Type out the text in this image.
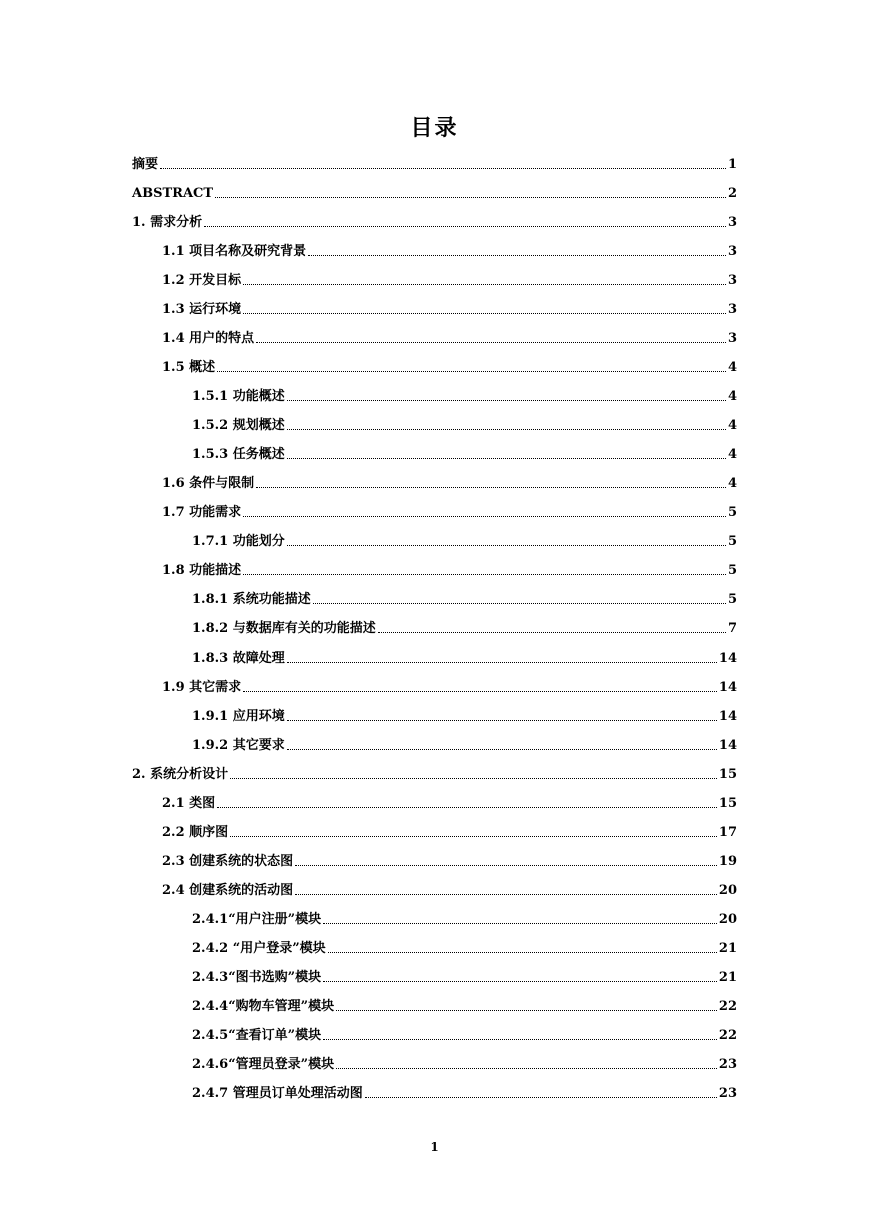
目录
摘要	1
ABSTRACT	2
1. 需求分析	3
1.1 项目名称及研究背景	3
1.2 开发目标	3
1.3 运行环境	3
1.4 用户的特点	3
1.5 概述	4
1.5.1 功能概述	4
1.5.2 规划概述	4
1.5.3 任务概述	4
1.6 条件与限制	4
1.7 功能需求	5
1.7.1 功能划分	5
1.8 功能描述	5
1.8.1 系统功能描述	5
1.8.2 与数据库有关的功能描述	7
1.8.3 故障处理	14
1.9 其它需求	14
1.9.1 应用环境	14
1.9.2 其它要求	14
2. 系统分析设计	15
2.1 类图	15
2.2 顺序图	17
2.3 创建系统的状态图	19
2.4 创建系统的活动图	20
2.4.1“用户注册”模块	20
2.4.2 “用户登录”模块	21
2.4.3“图书选购”模块	21
2.4.4“购物车管理”模块	22
2.4.5“查看订单”模块	22
2.4.6“管理员登录”模块	23
2.4.7 管理员订单处理活动图	23
1
